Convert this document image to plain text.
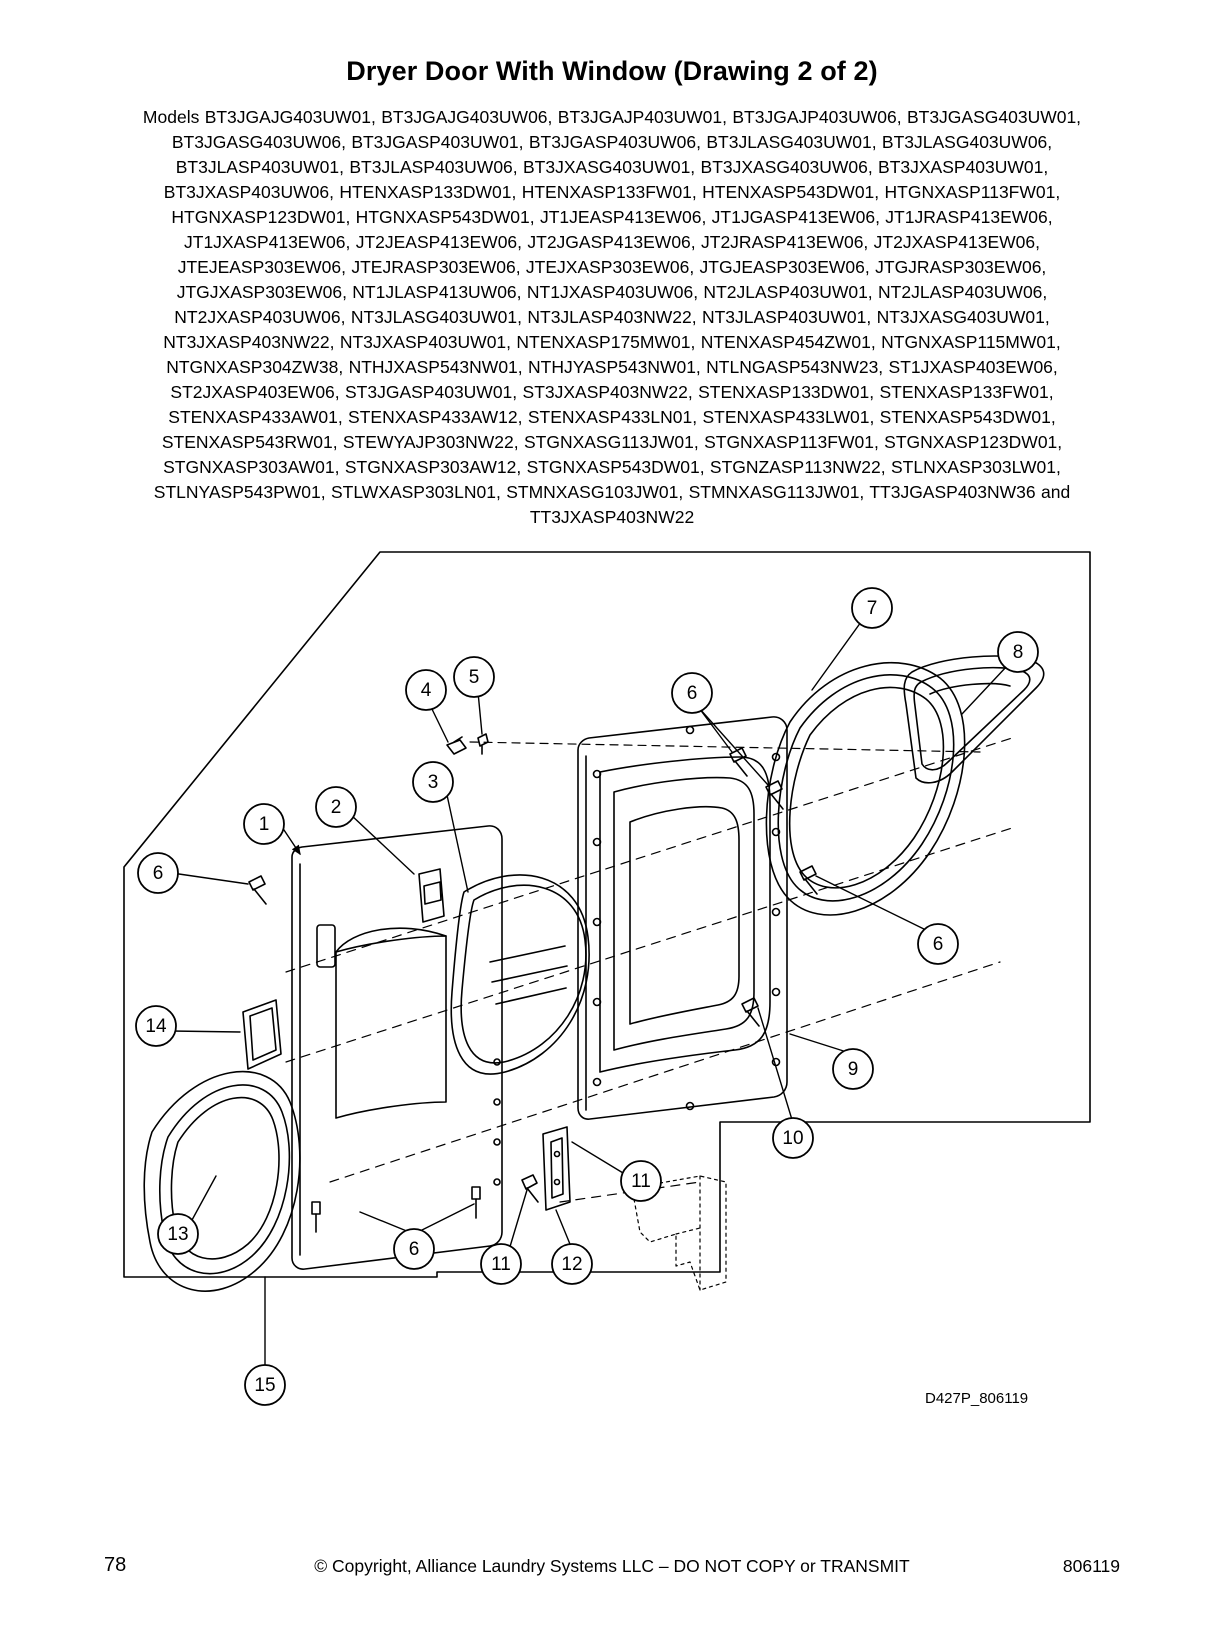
Dryer Door With Window (Drawing 2 of 2)
Models BT3JGAJG403UW01, BT3JGAJG403UW06, BT3JGAJP403UW01, BT3JGAJP403UW06, BT3JGASG403UW01, BT3JGASG403UW06, BT3JGASP403UW01, BT3JGASP403UW06, BT3JLASG403UW01, BT3JLASG403UW06, BT3JLASP403UW01, BT3JLASP403UW06, BT3JXASG403UW01, BT3JXASG403UW06, BT3JXASP403UW01, BT3JXASP403UW06, HTENXASP133DW01, HTENXASP133FW01, HTENXASP543DW01, HTGNXASP113FW01, HTGNXASP123DW01, HTGNXASP543DW01, JT1JEASP413EW06, JT1JGASP413EW06, JT1JRASP413EW06, JT1JXASP413EW06, JT2JEASP413EW06, JT2JGASP413EW06, JT2JRASP413EW06, JT2JXASP413EW06, JTEJEASP303EW06, JTEJRASP303EW06, JTEJXASP303EW06, JTGJEASP303EW06, JTGJRASP303EW06, JTGJXASP303EW06, NT1JLASP413UW06, NT1JXASP403UW06, NT2JLASP403UW01, NT2JLASP403UW06, NT2JXASP403UW06, NT3JLASG403UW01, NT3JLASP403NW22, NT3JLASP403UW01, NT3JXASG403UW01, NT3JXASP403NW22, NT3JXASP403UW01, NTENXASP175MW01, NTENXASP454ZW01, NTGNXASP115MW01, NTGNXASP304ZW38, NTHJXASP543NW01, NTHJYASP543NW01, NTLNGASP543NW23, ST1JXASP403EW06, ST2JXASP403EW06, ST3JGASP403UW01, ST3JXASP403NW22, STENXASP133DW01, STENXASP133FW01, STENXASP433AW01, STENXASP433AW12, STENXASP433LN01, STENXASP433LW01, STENXASP543DW01, STENXASP543RW01, STEWYAJP303NW22, STGNXASG113JW01, STGNXASP113FW01, STGNXASP123DW01, STGNXASP303AW01, STGNXASP303AW12, STGNXASP543DW01, STGNZASP113NW22, STLNXASP303LW01, STLNYASP543PW01, STLWXASP303LN01, STMNXASG103JW01, STMNXASG113JW01, TT3JGASP403NW36 and TT3JXASP403NW22
1
2
3
4
5
6
7
8
6
9
10
6
14
13
6
11
11	12
15
D427P_806119
78	© Copyright, Alliance Laundry Systems LLC – DO NOT COPY or TRANSMIT	806119
